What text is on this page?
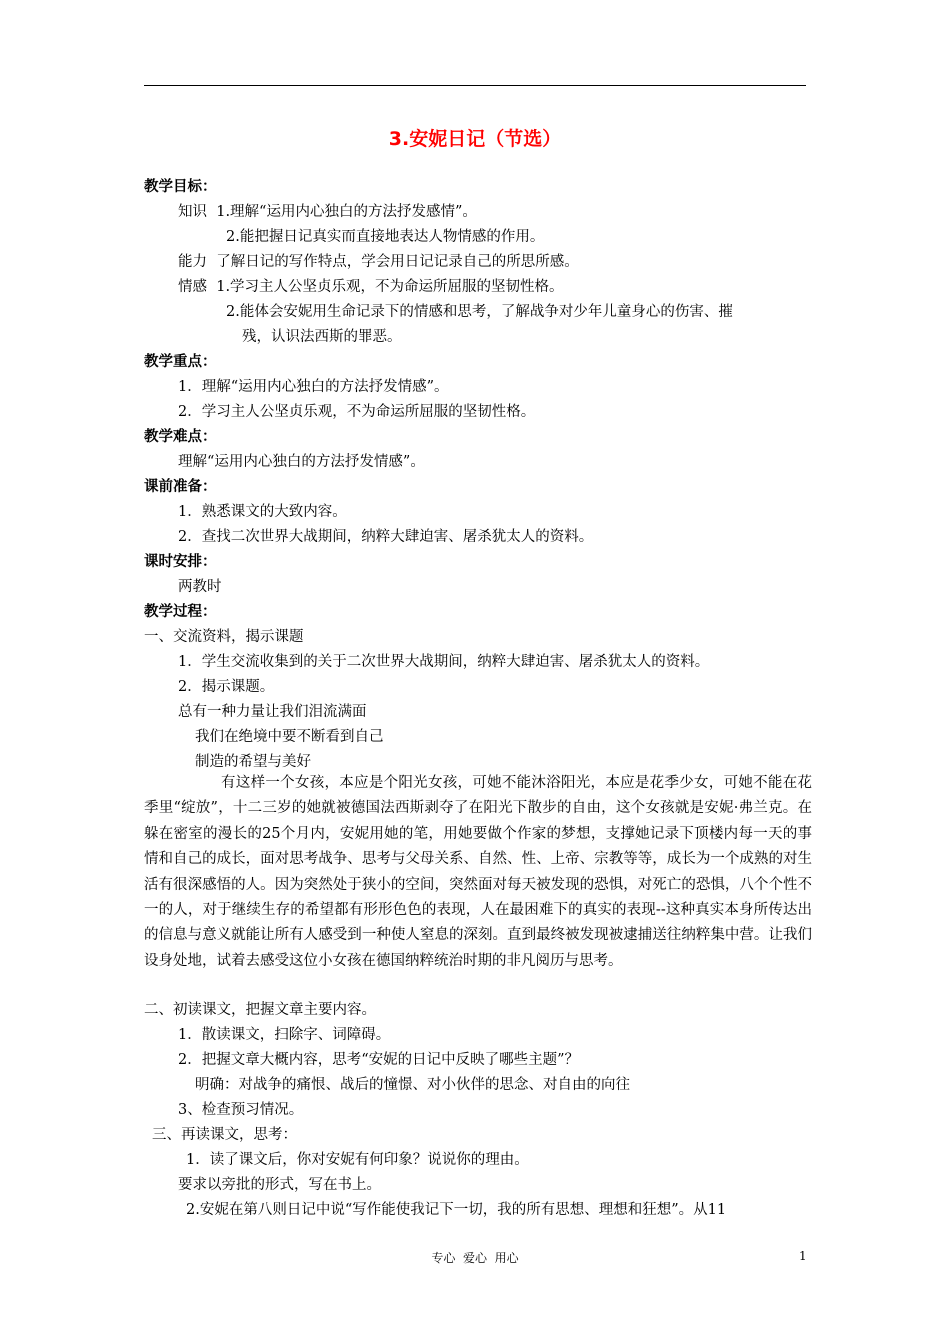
3.安妮日记（节选）
教学目标：
知识  1.理解“运用内心独白的方法抒发感情”。
2.能把握日记真实而直接地表达人物情感的作用。
能力  了解日记的写作特点，学会用日记记录自己的所思所感。
情感  1.学习主人公坚贞乐观，不为命运所屈服的坚韧性格。
2.能体会安妮用生命记录下的情感和思考，了解战争对少年儿童身心的伤害、摧
残，认识法西斯的罪恶。
教学重点：
1．理解“运用内心独白的方法抒发情感”。
2．学习主人公坚贞乐观，不为命运所屈服的坚韧性格。
教学难点：
理解“运用内心独白的方法抒发情感”。
课前准备：
1．熟悉课文的大致内容。
2．查找二次世界大战期间，纳粹大肆迫害、屠杀犹太人的资料。
课时安排：
两教时
教学过程：
一、交流资料，揭示课题
1．学生交流收集到的关于二次世界大战期间，纳粹大肆迫害、屠杀犹太人的资料。
2．揭示课题。
总有一种力量让我们泪流满面
我们在绝境中要不断看到自己
制造的希望与美好
有这样一个女孩，本应是个阳光女孩，可她不能沐浴阳光，本应是花季少女，可她不能在花季里“绽放”，十二三岁的她就被德国法西斯剥夺了在阳光下散步的自由，这个女孩就是安妮·弗兰克。在躲在密室的漫长的25个月内，安妮用她的笔，用她要做个作家的梦想，支撑她记录下顶楼内每一天的事情和自己的成长，面对思考战争、思考与父母关系、自然、性、上帝、宗教等等，成长为一个成熟的对生活有很深感悟的人。因为突然处于狭小的空间，突然面对每天被发现的恐惧，对死亡的恐惧，八个个性不一的人，对于继续生存的希望都有形形色色的表现，人在最困难下的真实的表现--这种真实本身所传达出的信息与意义就能让所有人感受到一种使人窒息的深刻。直到最终被发现被逮捕送往纳粹集中营。让我们设身处地，试着去感受这位小女孩在德国纳粹统治时期的非凡阅历与思考。
二、初读课文，把握文章主要内容。
1．散读课文，扫除字、词障碍。
2．把握文章大概内容，思考“安妮的日记中反映了哪些主题”？
明确：对战争的痛恨、战后的憧憬、对小伙伴的思念、对自由的向往
3、检查预习情况。
三、再读课文，思考：
1．读了课文后，你对安妮有何印象？说说你的理由。
要求以旁批的形式，写在书上。
2.安妮在第八则日记中说“写作能使我记下一切，我的所有思想、理想和狂想”。从11
专心  爱心  用心	1
